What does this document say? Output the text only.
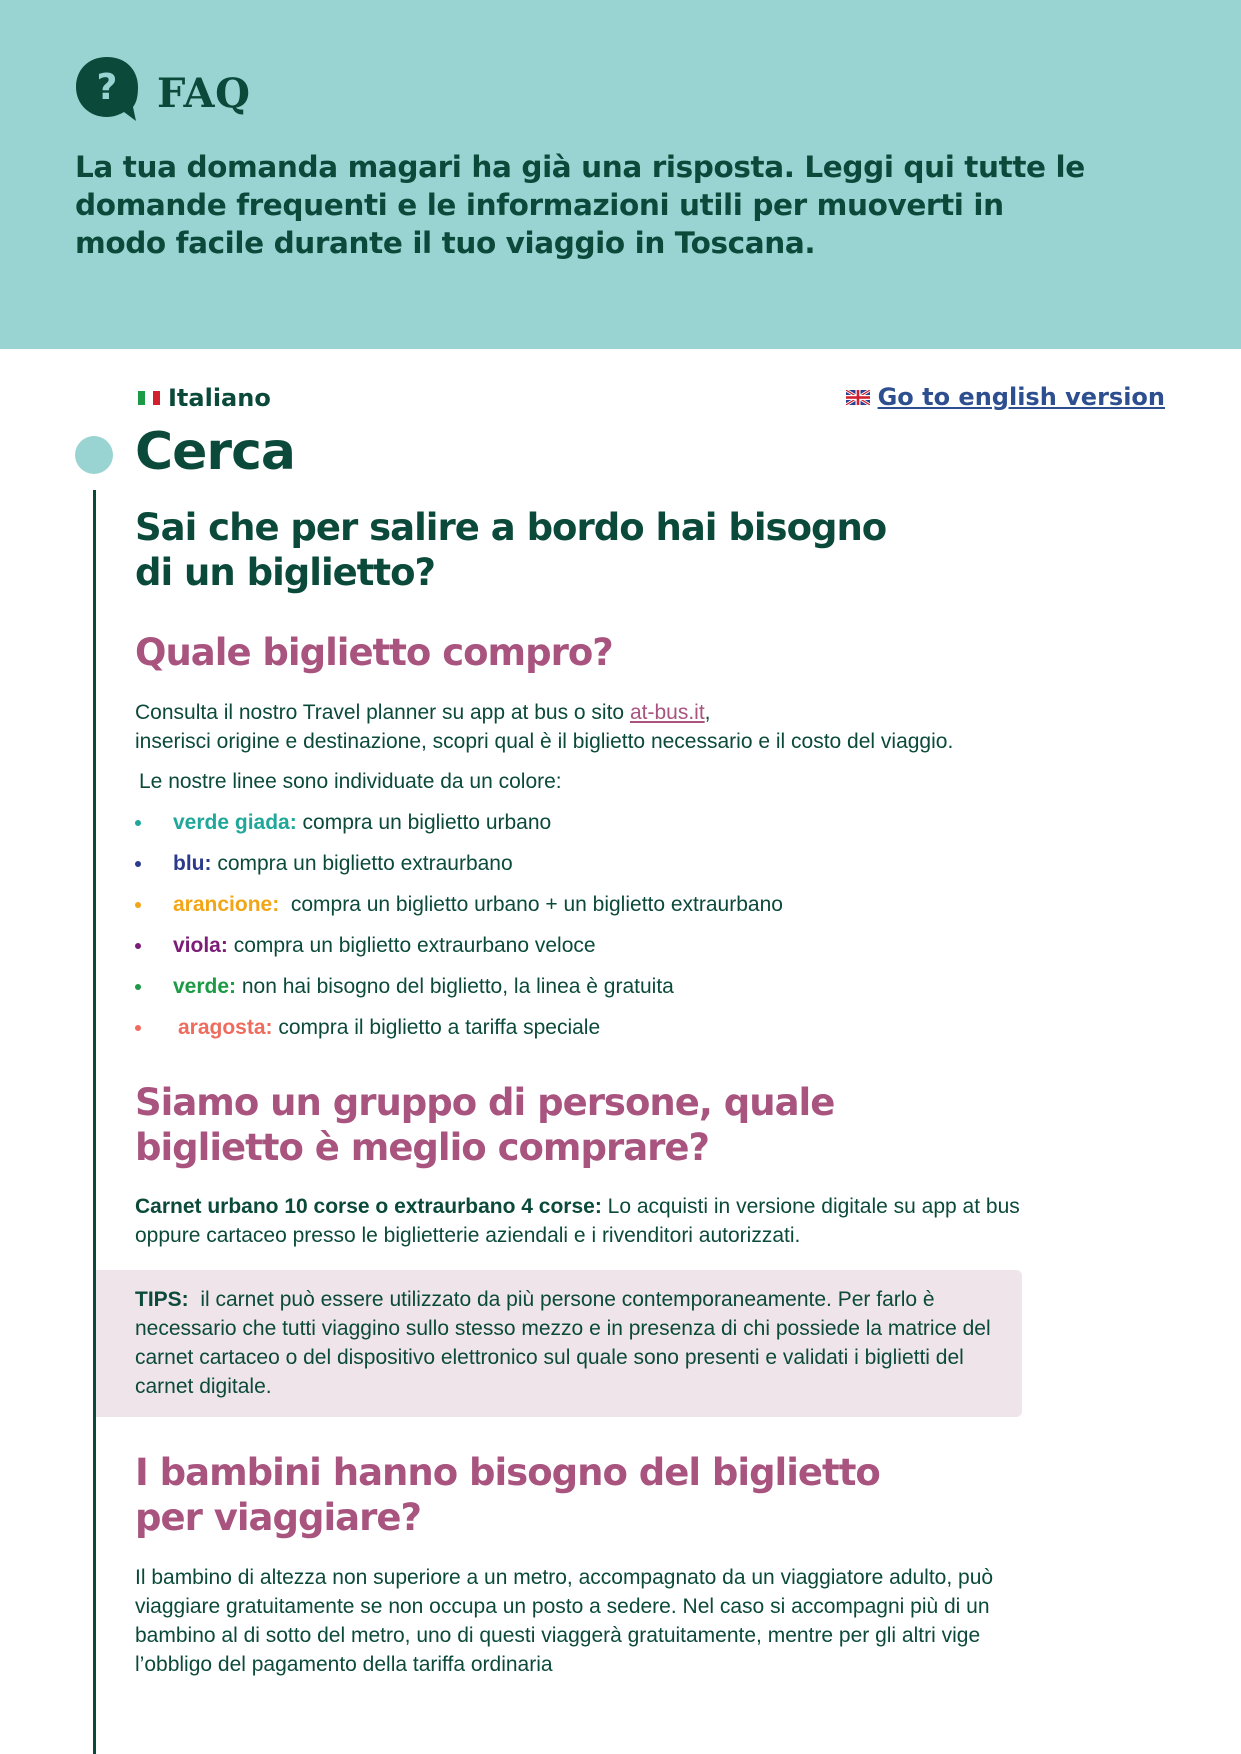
? FAQ
La tua domanda magari ha già una risposta. Leggi qui tutte le domande frequenti e le informazioni utili per muoverti in modo facile durante il tuo viaggio in Toscana.
Italiano	Go to english version
Cerca
Sai che per salire a bordo hai bisogno di un biglietto?
Quale biglietto compro?
Consulta il nostro Travel planner su app at bus o sito at-bus.it,
inserisci origine e destinazione, scopri qual è il biglietto necessario e il costo del viaggio.
Le nostre linee sono individuate da un colore:
verde giada: compra un biglietto urbano
blu: compra un biglietto extraurbano
arancione:  compra un biglietto urbano + un biglietto extraurbano
viola: compra un biglietto extraurbano veloce
verde: non hai bisogno del biglietto, la linea è gratuita
aragosta: compra il biglietto a tariffa speciale
Siamo un gruppo di persone, quale biglietto è meglio comprare?
Carnet urbano 10 corse o extraurbano 4 corse: Lo acquisti in versione digitale su app at bus oppure cartaceo presso le biglietterie aziendali e i rivenditori autorizzati.
TIPS:  il carnet può essere utilizzato da più persone contemporaneamente. Per farlo è necessario che tutti viaggino sullo stesso mezzo e in presenza di chi possiede la matrice del carnet cartaceo o del dispositivo elettronico sul quale sono presenti e validati i biglietti del carnet digitale.
I bambini hanno bisogno del biglietto per viaggiare?
Il bambino di altezza non superiore a un metro, accompagnato da un viaggiatore adulto, può viaggiare gratuitamente se non occupa un posto a sedere. Nel caso si accompagni più di un bambino al di sotto del metro, uno di questi viaggerà gratuitamente, mentre per gli altri vige l’obbligo del pagamento della tariffa ordinaria
